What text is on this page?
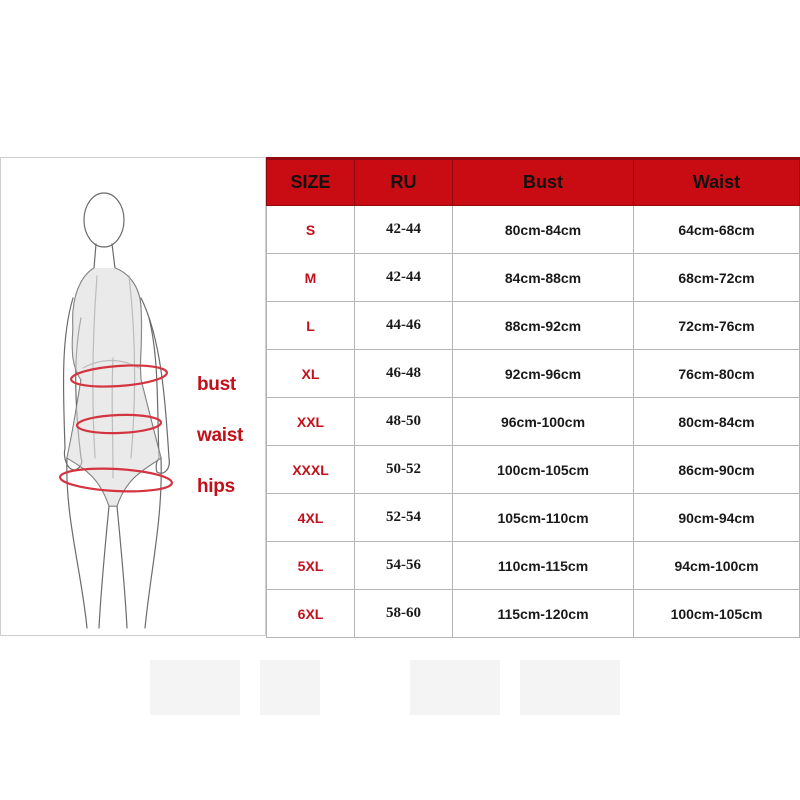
bust
waist
hips
SIZE	RU	Bust	Waist
S	42-44	80cm-84cm	64cm-68cm
M	42-44	84cm-88cm	68cm-72cm
L	44-46	88cm-92cm	72cm-76cm
XL	46-48	92cm-96cm	76cm-80cm
XXL	48-50	96cm-100cm	80cm-84cm
XXXL	50-52	100cm-105cm	86cm-90cm
4XL	52-54	105cm-110cm	90cm-94cm
5XL	54-56	110cm-115cm	94cm-100cm
6XL	58-60	115cm-120cm	100cm-105cm
